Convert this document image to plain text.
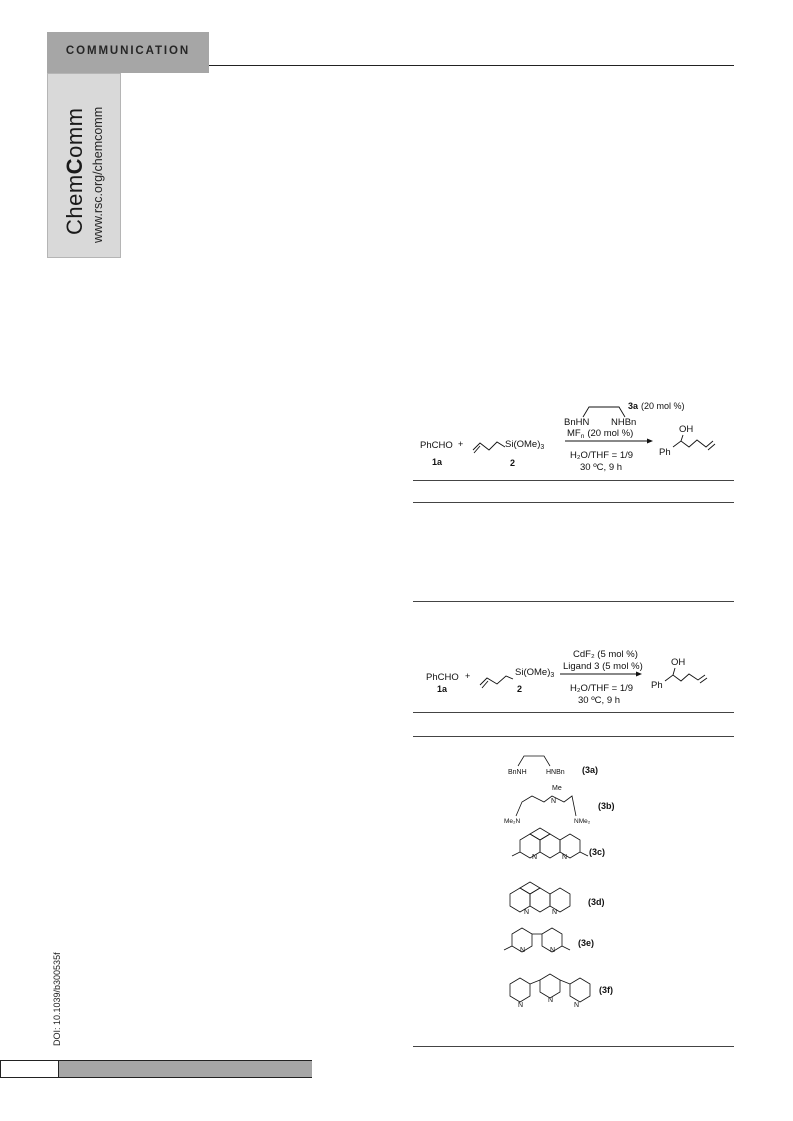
COMMUNICATION
ChemComm www.rsc.org/chemcomm
DOI: 10.1039/b300535f
3a (20 mol %)
BnHN NHBn
$MF_n$ (20 mol %)
PhCHO +
1a
$Si(OMe)_3$
2
H₂O/THF = 1/9
30 ºC, 9 h
OH
Ph
CdF₂ (5 mol %)
Ligand 3 (5 mol %)
PhCHO +
1a
$Si(OMe)_3$
2	H₂O/THF = 1/9
30 ºC, 9 h
OH
Ph
BnNH	HNBn (3a)
Me
N
Me₂N	NMe₂
(3b)
N	N
(3c)
N	N
(3d)
N	N
(3e)
N
N
N
(3f)
